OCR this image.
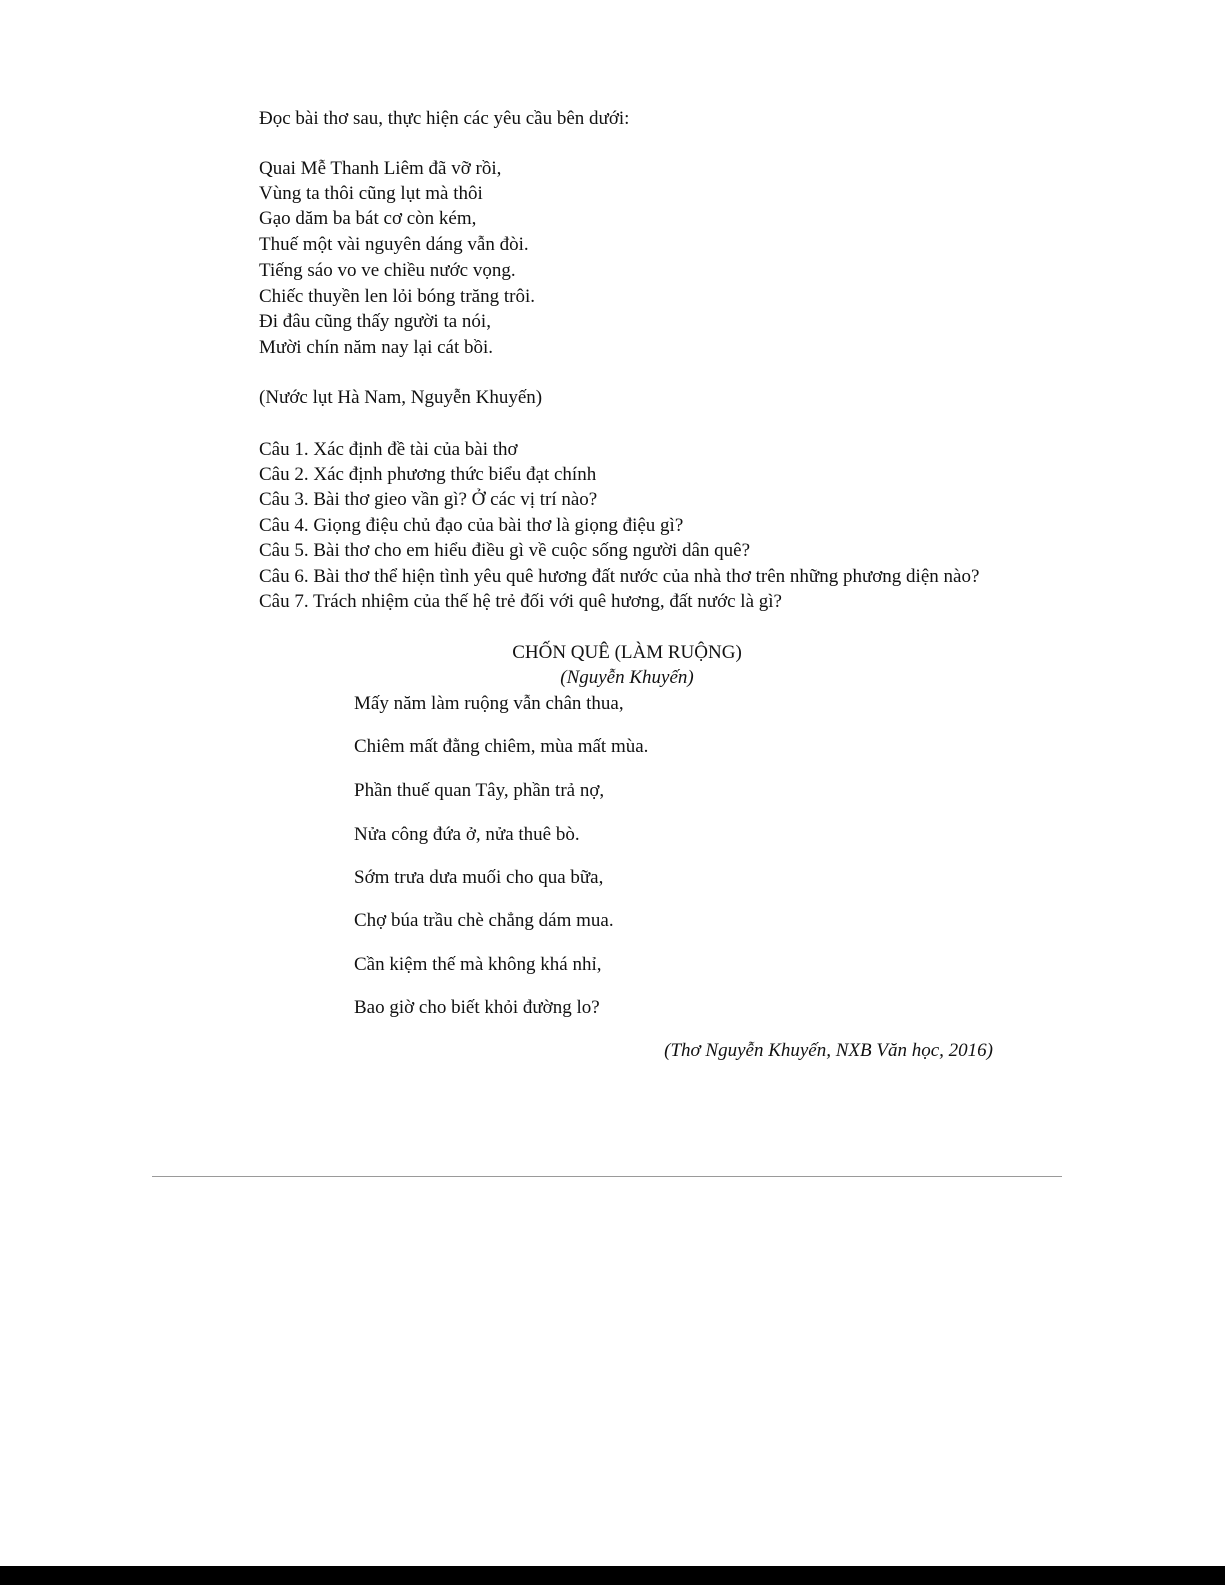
Đọc bài thơ sau, thực hiện các yêu cầu bên dưới:
Quai Mễ Thanh Liêm đã vỡ rồi,
Vùng ta thôi cũng lụt mà thôi
Gạo dăm ba bát cơ còn kém,
Thuế một vài nguyên dáng vẫn đòi.
Tiếng sáo vo ve chiều nước vọng.
Chiếc thuyền len lỏi bóng trăng trôi.
Đi đâu cũng thấy người ta nói,
Mười chín năm nay lại cát bồi.
(Nước lụt Hà Nam, Nguyễn Khuyến)
Câu 1. Xác định đề tài của bài thơ
Câu 2. Xác định phương thức biểu đạt chính
Câu 3. Bài thơ gieo vần gì? Ở các vị trí nào?
Câu 4. Giọng điệu chủ đạo của bài thơ là giọng điệu gì?
Câu 5. Bài thơ cho em hiểu điều gì về cuộc sống người dân quê?
Câu 6. Bài thơ thể hiện tình yêu quê hương đất nước của nhà thơ trên những phương diện nào?
Câu 7. Trách nhiệm của thế hệ trẻ đối với quê hương, đất nước là gì?
CHỐN QUÊ (LÀM RUỘNG)
(Nguyễn Khuyến)
Mấy năm làm ruộng vẫn chân thua,
Chiêm mất đằng chiêm, mùa mất mùa.
Phần thuế quan Tây, phần trả nợ,
Nửa công đứa ở, nửa thuê bò.
Sớm trưa dưa muối cho qua bữa,
Chợ búa trầu chè chẳng dám mua.
Cần kiệm thế mà không khá nhỉ,
Bao giờ cho biết khỏi đường lo?
(Thơ Nguyễn Khuyến, NXB Văn học, 2016)
